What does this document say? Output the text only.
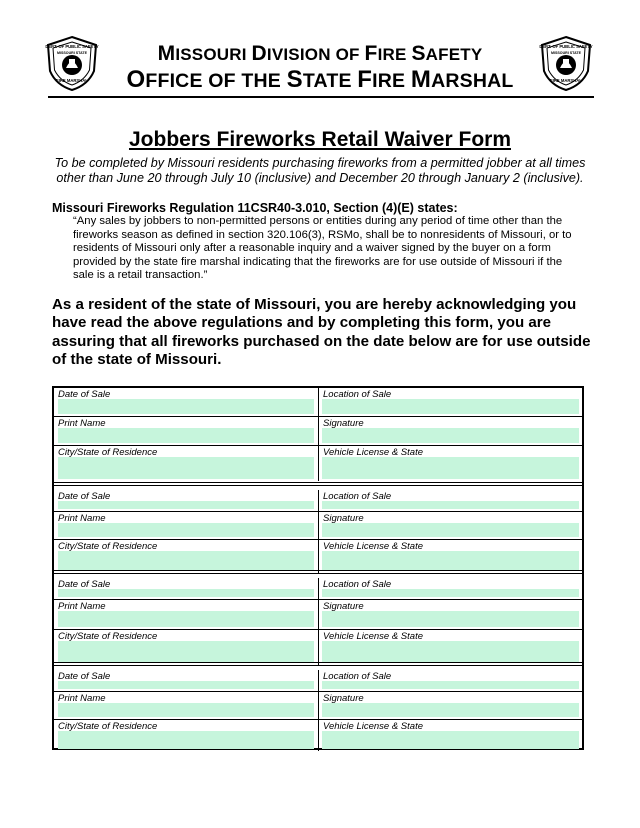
DEPT. OF PUBLIC SAFETY
MISSOURI STATE
FIRE MARSHAL
DEPT. OF PUBLIC SAFETY
MISSOURI STATE
FIRE MARSHAL
MISSOURI DIVISION OF FIRE SAFETY
OFFICE OF THE STATE FIRE MARSHAL
Jobbers Fireworks Retail Waiver Form
To be completed by Missouri residents purchasing fireworks from a permitted jobber at all times other than June 20 through July 10 (inclusive) and December 20 through January 2 (inclusive).
Missouri Fireworks Regulation 11CSR40-3.010, Section (4)(E) states:
“Any sales by jobbers to non-permitted persons or entities during any period of time other than the fireworks season as defined in section 320.106(3), RSMo, shall be to nonresidents of Missouri, or to residents of Missouri only after a reasonable inquiry and a waiver signed by the buyer on a form provided by the state fire marshal indicating that the fireworks are for use outside of Missouri if the sale is a retail transaction.”
As a resident of the state of Missouri, you are hereby acknowledging you have read the above regulations and by completing this form, you are assuring that all fireworks purchased on the date below are for use outside of the state of Missouri.
Date of Sale	Location of Sale
Print Name	Signature
City/State of Residence	Vehicle License & State
Date of Sale	Location of Sale
Print Name	Signature
City/State of Residence	Vehicle License & State
Date of Sale	Location of Sale
Print Name	Signature
City/State of Residence	Vehicle License & State
Date of Sale	Location of Sale
Print Name	Signature
City/State of Residence	Vehicle License & State
